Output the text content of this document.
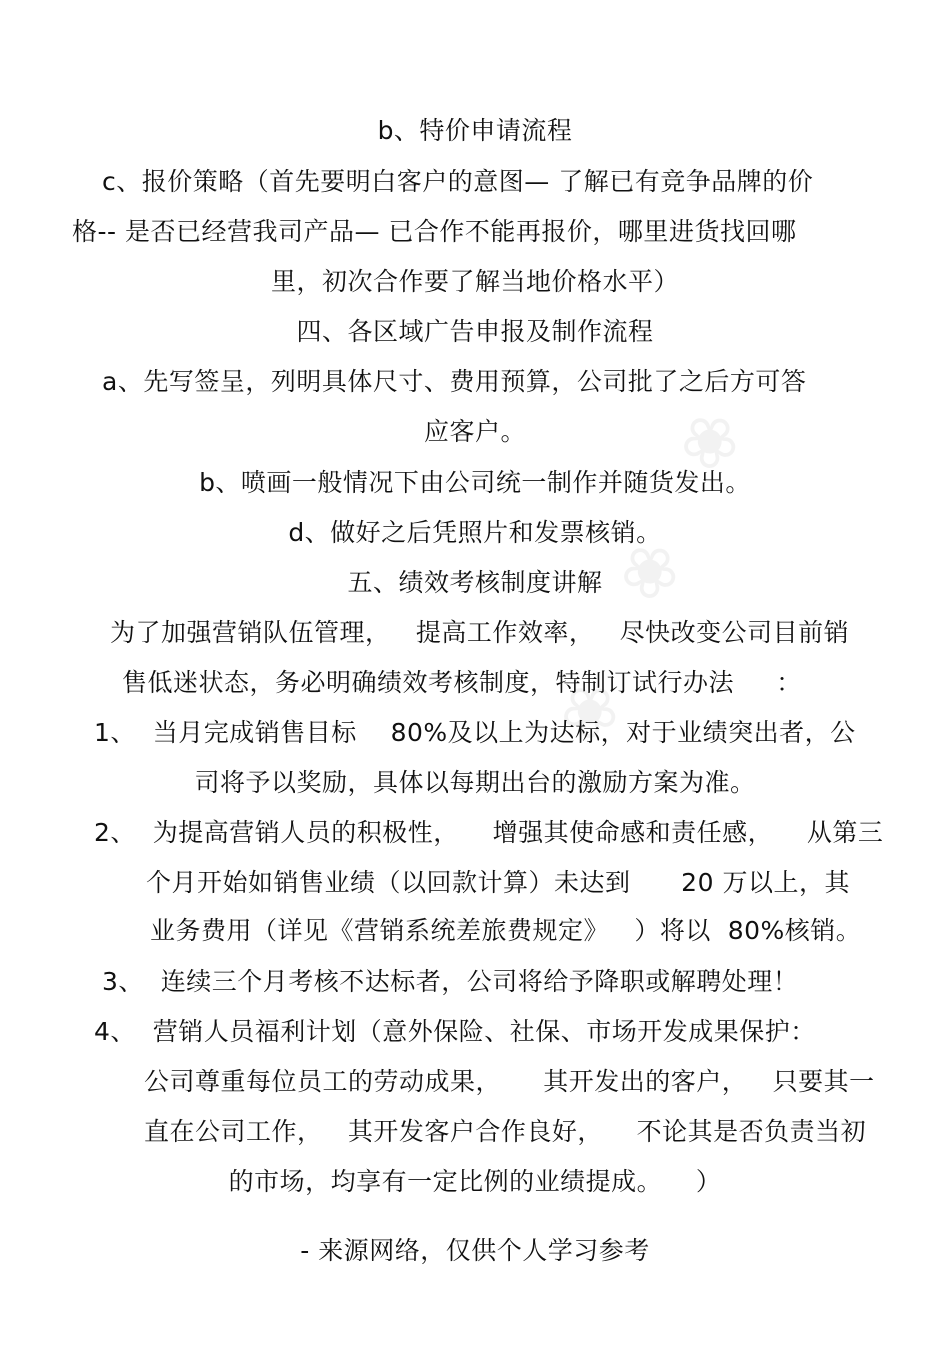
❀
❀
❀
b、特价申请流程
c、报价策略（首先要明白客户的意图— 了解已有竞争品牌的价
格-- 是否已经营我司产品— 已合作不能再报价，哪里进货找回哪
里，初次合作要了解当地价格水平）
四、各区域广告申报及制作流程
a、先写签呈，列明具体尺寸、费用预算，公司批了之后方可答
应客户。
b、喷画一般情况下由公司统一制作并随货发出。
d、做好之后凭照片和发票核销。
五、绩效考核制度讲解
为了加强营销队伍管理，   提高工作效率，   尽快改变公司目前销
售低迷状态，务必明确绩效考核制度，特制订试行办法     ：
1、  当月完成销售目标    80%及以上为达标，对于业绩突出者，公
司将予以奖励，具体以每期出台的激励方案为准。
2、  为提高营销人员的积极性，    增强其使命感和责任感，    从第三
个月开始如销售业绩（以回款计算）未达到      20 万以上，其
业务费用（详见《营销系统差旅费规定》   ）将以  80%核销。
3、  连续三个月考核不达标者，公司将给予降职或解聘处理！
4、  营销人员福利计划（意外保险、社保、市场开发成果保护：
公司尊重每位员工的劳动成果，     其开发出的客户，   只要其一
直在公司工作，   其开发客户合作良好，    不论其是否负责当初
的市场，均享有一定比例的业绩提成。    ）
- 来源网络，仅供个人学习参考
